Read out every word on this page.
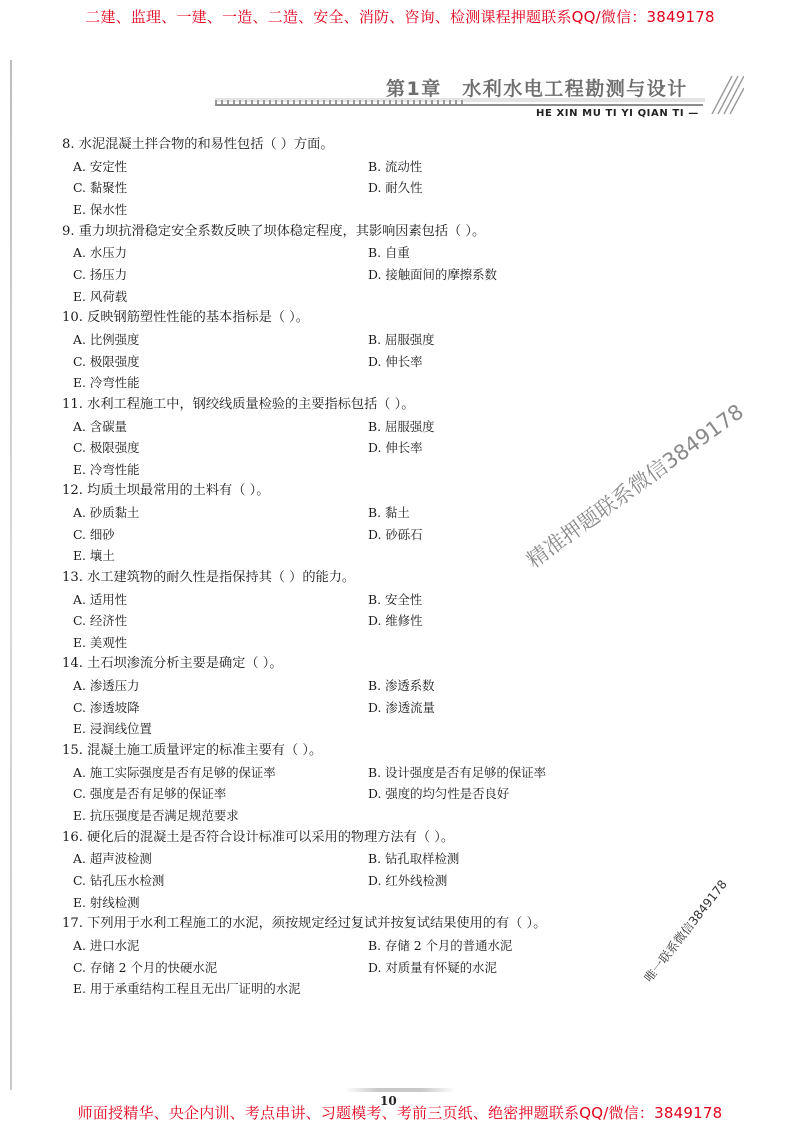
二建、监理、一建、一造、二造、安全、消防、咨询、检测课程押题联系QQ/微信：3849178
第1章　水利水电工程勘测与设计
HE XIN MU TI YI QIAN TI —
8. 水泥混凝土拌合物的和易性包括（ ）方面。
A. 安定性	B. 流动性
C. 黏聚性	D. 耐久性
E. 保水性
9. 重力坝抗滑稳定安全系数反映了坝体稳定程度，其影响因素包括（ ）。
A. 水压力	B. 自重
C. 扬压力	D. 接触面间的摩擦系数
E. 风荷载
10. 反映钢筋塑性性能的基本指标是（ ）。
A. 比例强度	B. 屈服强度
C. 极限强度	D. 伸长率
E. 冷弯性能
11. 水利工程施工中，钢绞线质量检验的主要指标包括（ ）。
A. 含碳量	B. 屈服强度
C. 极限强度	D. 伸长率
E. 冷弯性能
12. 均质土坝最常用的土料有（ ）。
A. 砂质黏土	B. 黏土
C. 细砂	D. 砂砾石
E. 壤土
13. 水工建筑物的耐久性是指保持其（ ）的能力。
A. 适用性	B. 安全性
C. 经济性	D. 维修性
E. 美观性
14. 土石坝渗流分析主要是确定（ ）。
A. 渗透压力	B. 渗透系数
C. 渗透坡降	D. 渗透流量
E. 浸润线位置
15. 混凝土施工质量评定的标准主要有（ ）。
A. 施工实际强度是否有足够的保证率	B. 设计强度是否有足够的保证率
C. 强度是否有足够的保证率	D. 强度的均匀性是否良好
E. 抗压强度是否满足规范要求
16. 硬化后的混凝土是否符合设计标准可以采用的物理方法有（ ）。
A. 超声波检测	B. 钻孔取样检测
C. 钻孔压水检测	D. 红外线检测
E. 射线检测
17. 下列用于水利工程施工的水泥，须按规定经过复试并按复试结果使用的有（ ）。
A. 进口水泥	B. 存储 2 个月的普通水泥
C. 存储 2 个月的快硬水泥	D. 对质量有怀疑的水泥
E. 用于承重结构工程且无出厂证明的水泥
精准押题联系微信3849178
唯一联系微信3849178
10
师面授精华、央企内训、考点串讲、习题模考、考前三页纸、绝密押题联系QQ/微信：3849178
